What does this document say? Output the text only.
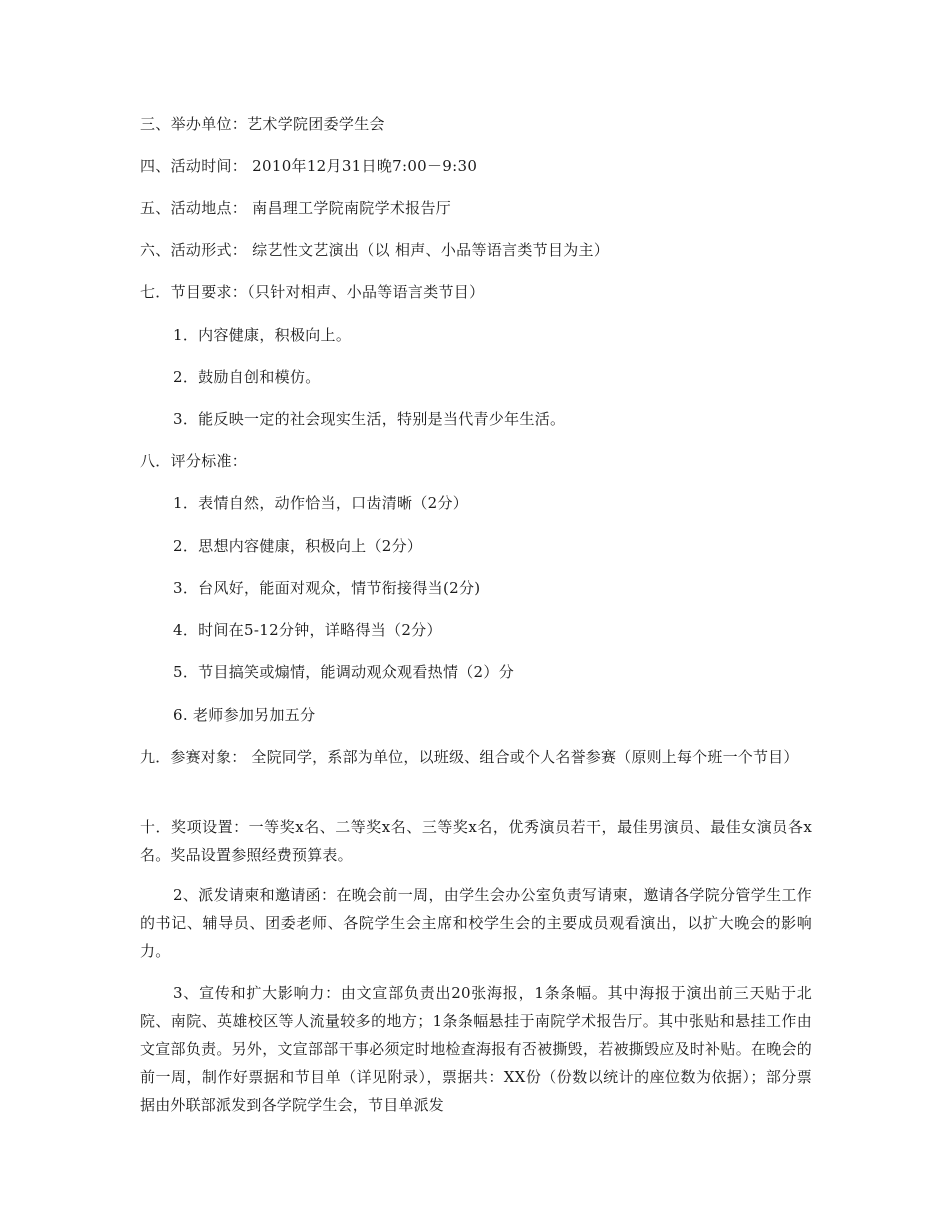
三、举办单位：艺术学院团委学生会
四、活动时间： 2010年12月31日晚7:00－9:30
五、活动地点： 南昌理工学院南院学术报告厅
六、活动形式： 综艺性文艺演出（以 相声、小品等语言类节目为主）
七．节目要求：（只针对相声、小品等语言类节目）
1．内容健康，积极向上。
2．鼓励自创和模仿。
3．能反映一定的社会现实生活，特别是当代青少年生活。
八．评分标准：
1．表情自然，动作恰当，口齿清晰（2分）
2．思想内容健康，积极向上（2分）
3．台风好，能面对观众，情节衔接得当(2分)
4．时间在5-12分钟，详略得当（2分）
5．节目搞笑或煽情，能调动观众观看热情（2）分
6. 老师参加另加五分
九．参赛对象： 全院同学，系部为单位，以班级、组合或个人名誉参赛（原则上每个班一个节目）
十．奖项设置：一等奖x名、二等奖x名、三等奖x名，优秀演员若干，最佳男演员、最佳女演员各x名。奖品设置参照经费预算表。
2、派发请柬和邀请函：在晚会前一周，由学生会办公室负责写请柬，邀请各学院分管学生工作的书记、辅导员、团委老师、各院学生会主席和校学生会的主要成员观看演出，以扩大晚会的影响力。
3、宣传和扩大影响力：由文宣部负责出20张海报，1条条幅。其中海报于演出前三天贴于北院、南院、英雄校区等人流量较多的地方；1条条幅悬挂于南院学术报告厅。其中张贴和悬挂工作由文宣部负责。另外，文宣部部干事必须定时地检查海报有否被撕毁，若被撕毁应及时补贴。在晚会的前一周，制作好票据和节目单（详见附录），票据共：XX份（份数以统计的座位数为依据）；部分票据由外联部派发到各学院学生会，节目单派发
